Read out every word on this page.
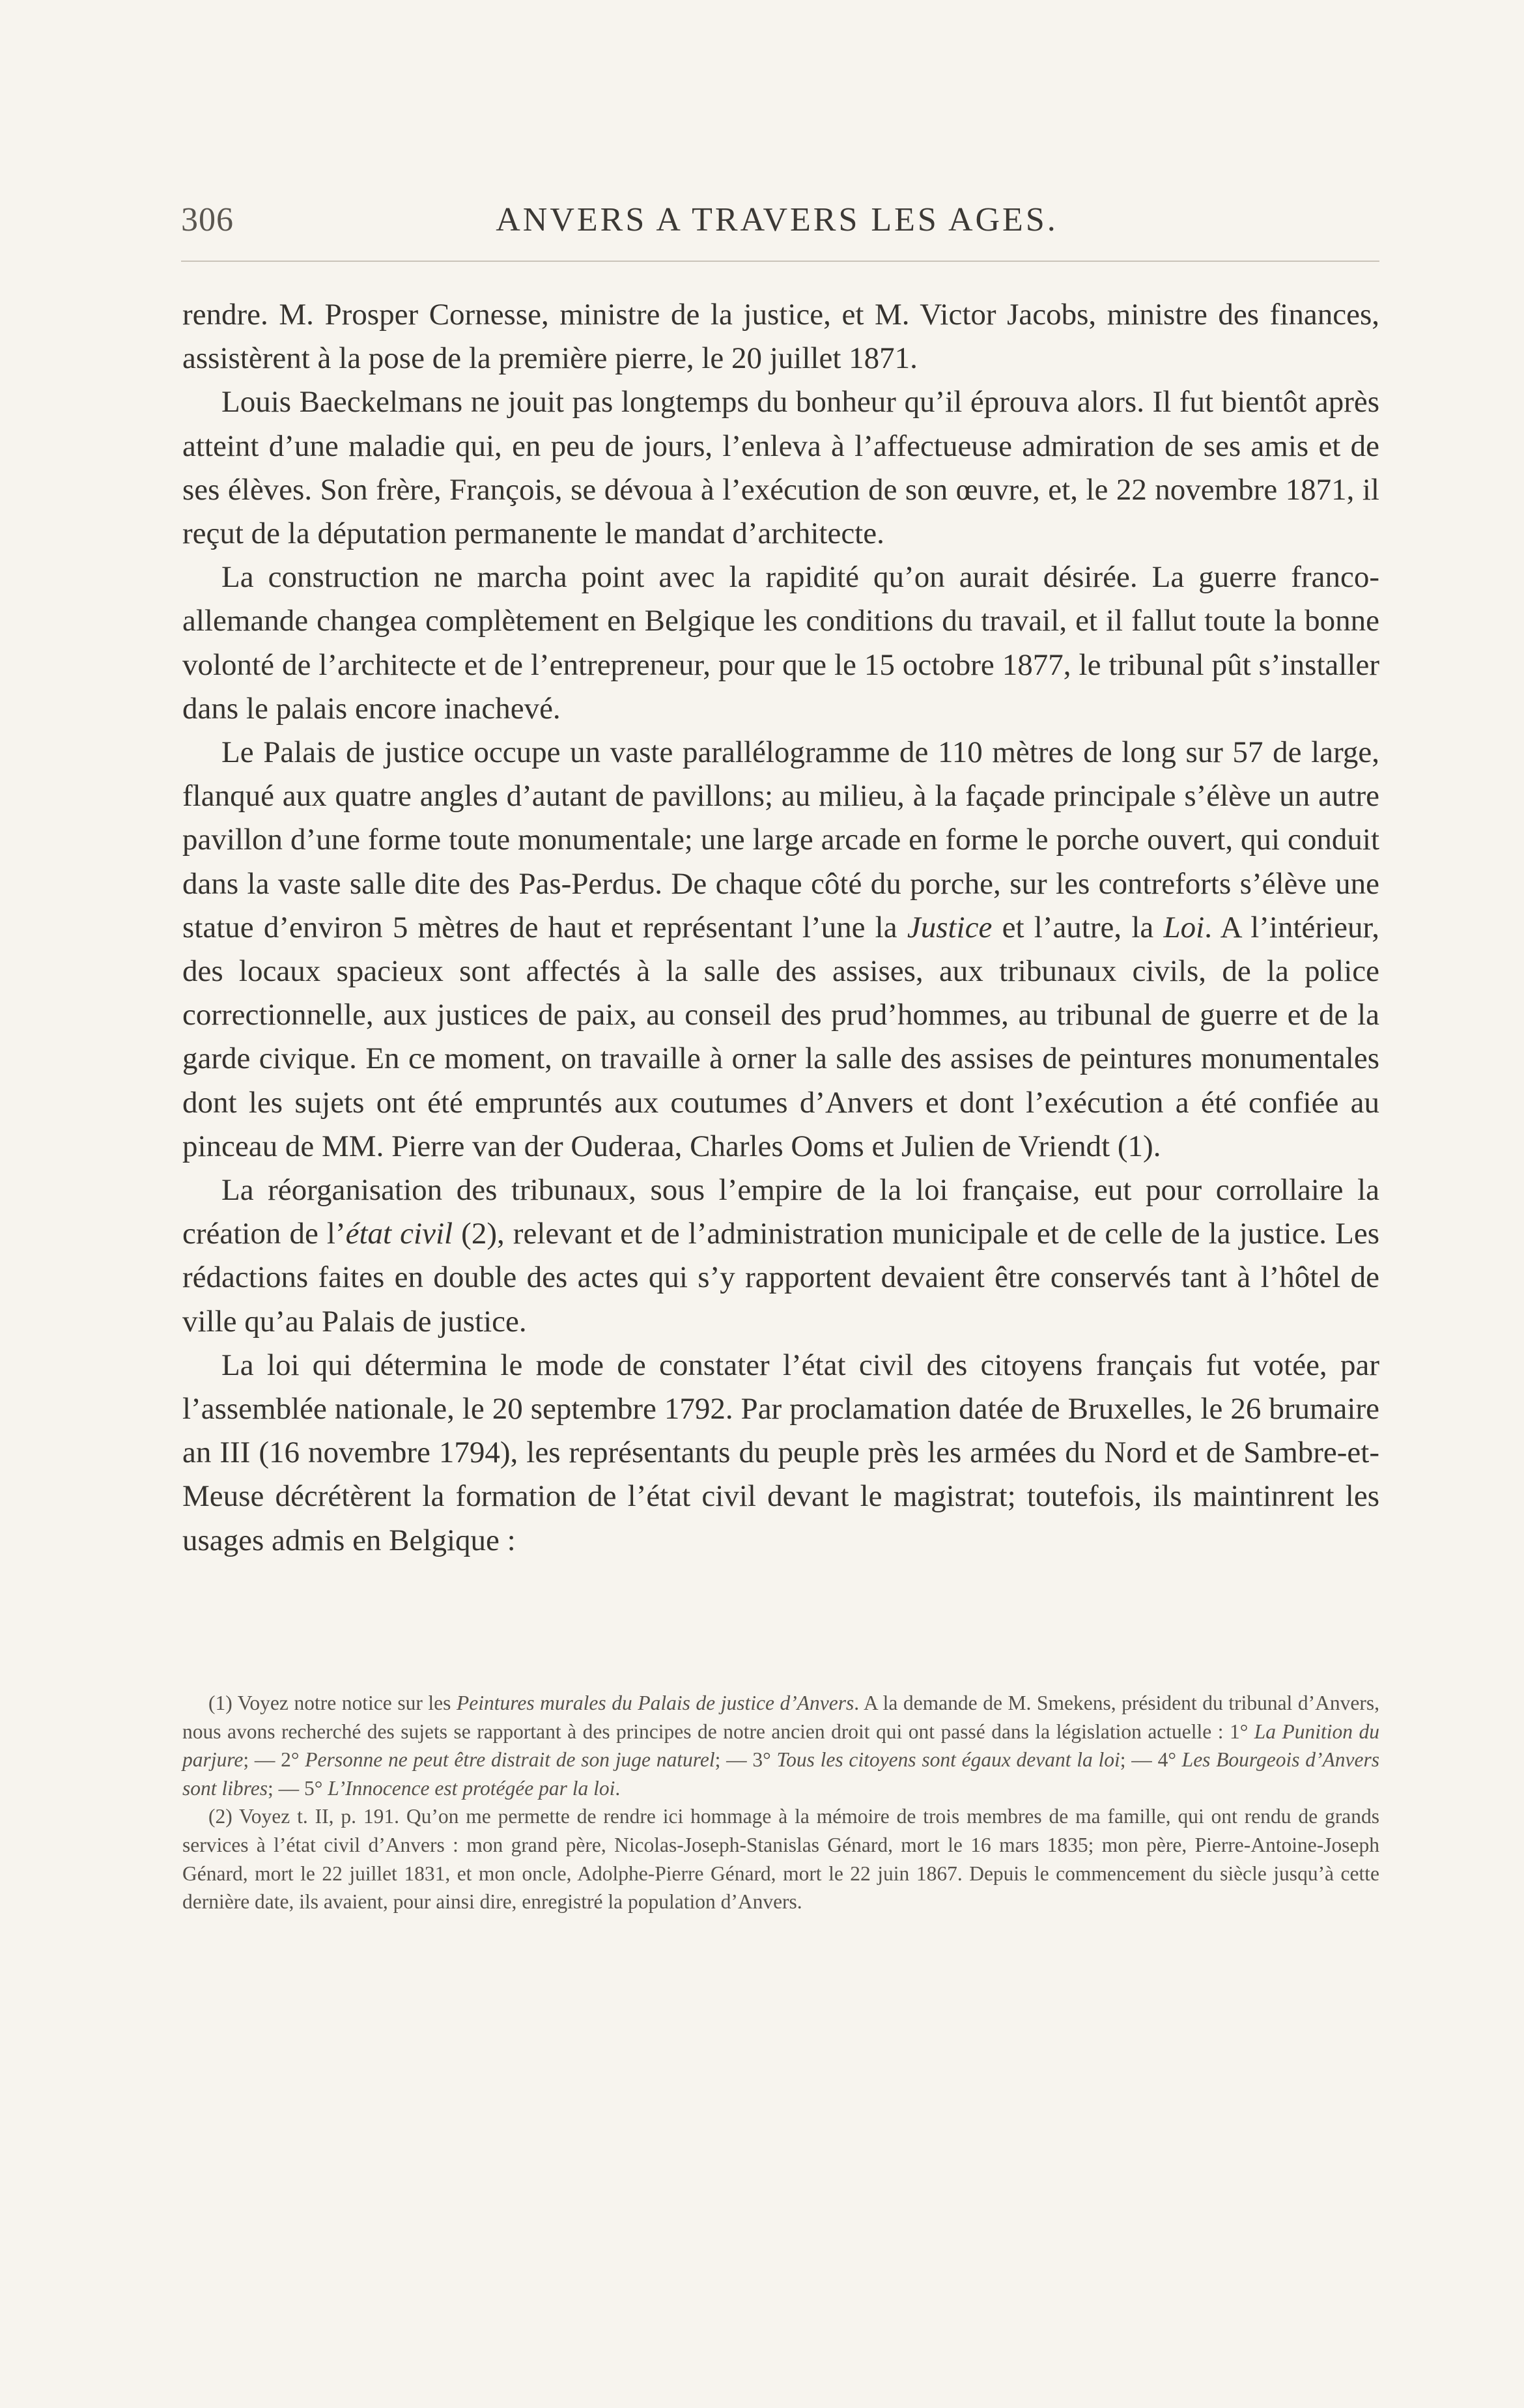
306	ANVERS A TRAVERS LES AGES.

rendre. M. Prosper Cornesse, ministre de la justice, et M. Victor Jacobs, ministre des finances, assistèrent à la pose de la première pierre, le 20 juillet 1871.

Louis Baeckelmans ne jouit pas longtemps du bonheur qu’il éprouva alors. Il fut bientôt après atteint d’une maladie qui, en peu de jours, l’enleva à l’affectueuse admiration de ses amis et de ses élèves. Son frère, François, se dévoua à l’exécution de son œuvre, et, le 22 novembre 1871, il reçut de la députation permanente le mandat d’architecte.

La construction ne marcha point avec la rapidité qu’on aurait désirée. La guerre franco-allemande changea complètement en Belgique les conditions du travail, et il fallut toute la bonne volonté de l’architecte et de l’entrepreneur, pour que le 15 octobre 1877, le tribunal pût s’installer dans le palais encore inachevé.

Le Palais de justice occupe un vaste parallélogramme de 110 mètres de long sur 57 de large, flanqué aux quatre angles d’autant de pavillons; au milieu, à la façade principale s’élève un autre pavillon d’une forme toute monumentale; une large arcade en forme le porche ouvert, qui conduit dans la vaste salle dite des Pas-Perdus. De chaque côté du porche, sur les contreforts s’élève une statue d’environ 5 mètres de haut et représentant l’une la Justice et l’autre, la Loi. A l’intérieur, des locaux spacieux sont affectés à la salle des assises, aux tribunaux civils, de la police correctionnelle, aux justices de paix, au conseil des prud’hommes, au tribunal de guerre et de la garde civique. En ce moment, on travaille à orner la salle des assises de peintures monumentales dont les sujets ont été empruntés aux coutumes d’Anvers et dont l’exécution a été confiée au pinceau de MM. Pierre van der Ouderaa, Charles Ooms et Julien de Vriendt (1).

La réorganisation des tribunaux, sous l’empire de la loi française, eut pour corrollaire la création de l’état civil (2), relevant et de l’administration municipale et de celle de la justice. Les rédactions faites en double des actes qui s’y rapportent devaient être conservés tant à l’hôtel de ville qu’au Palais de justice.

La loi qui détermina le mode de constater l’état civil des citoyens français fut votée, par l’assemblée nationale, le 20 septembre 1792. Par proclamation datée de Bruxelles, le 26 brumaire an III (16 novembre 1794), les représentants du peuple près les armées du Nord et de Sambre-et-Meuse décrétèrent la formation de l’état civil devant le magistrat; toutefois, ils maintinrent les usages admis en Belgique :

(1) Voyez notre notice sur les Peintures murales du Palais de justice d’Anvers. A la demande de M. Smekens, président du tribunal d’Anvers, nous avons recherché des sujets se rapportant à des principes de notre ancien droit qui ont passé dans la législation actuelle : 1° La Punition du parjure; — 2° Personne ne peut être distrait de son juge naturel; — 3° Tous les citoyens sont égaux devant la loi; — 4° Les Bourgeois d’Anvers sont libres; — 5° L’Innocence est protégée par la loi.

(2) Voyez t. II, p. 191. Qu’on me permette de rendre ici hommage à la mémoire de trois membres de ma famille, qui ont rendu de grands services à l’état civil d’Anvers : mon grand père, Nicolas-Joseph-Stanislas Génard, mort le 16 mars 1835; mon père, Pierre-Antoine-Joseph Génard, mort le 22 juillet 1831, et mon oncle, Adolphe-Pierre Génard, mort le 22 juin 1867. Depuis le commencement du siècle jusqu’à cette dernière date, ils avaient, pour ainsi dire, enregistré la population d’Anvers.
